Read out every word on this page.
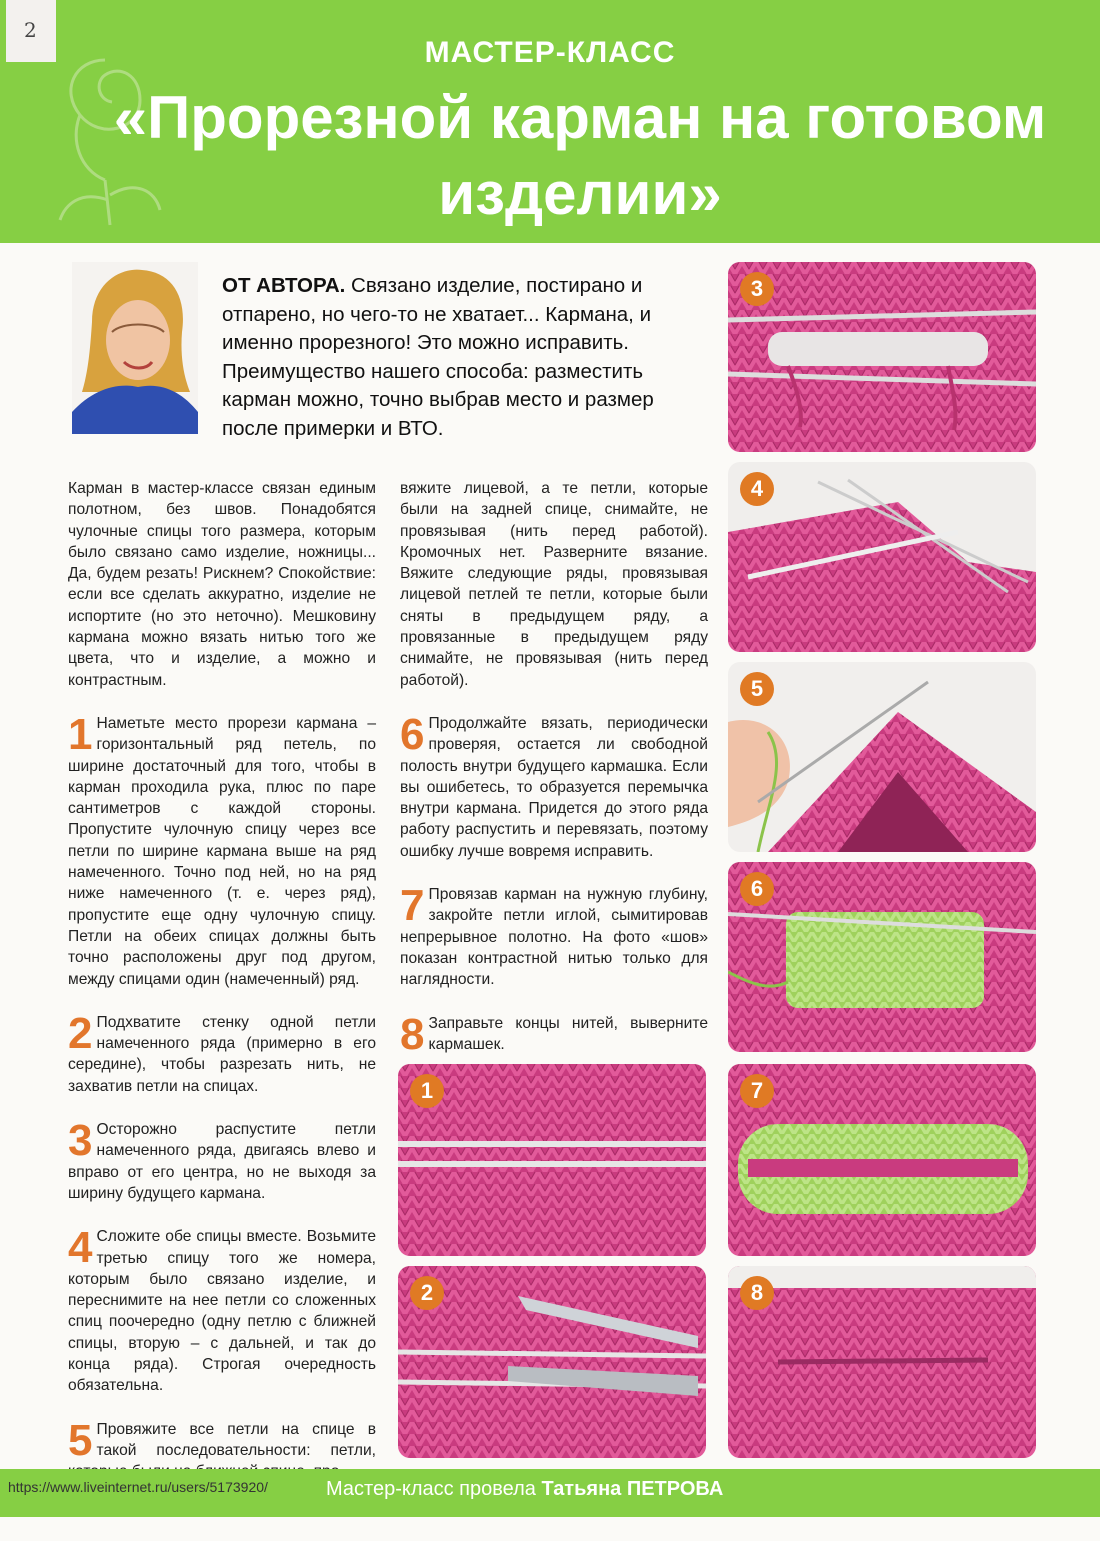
2
МАСТЕР-КЛАСС
«Прорезной карман на готовом изделии»
ОТ АВТОРА. Связано изделие, постирано и отпарено, но чего-то не хватает... Кармана, и именно прорезного! Это можно исправить. Преимущество нашего способа: разместить карман можно, точно выбрав место и размер после примерки и ВТО.

Карман в мастер-классе связан единым полотном, без швов. Понадобятся чулочные спицы того размера, которым было связано само изделие, ножницы... Да, будем резать! Рискнем? Спокойствие: если все сделать аккуратно, изделие не испортите (но это неточно). Мешковину кармана можно вязать нитью того же цвета, что и изделие, а можно и контрастным.

1 Наметьте место прорези кармана – горизонтальный ряд петель, по ширине достаточный для того, чтобы в карман проходила рука, плюс по паре сантиметров с каждой стороны. Пропустите чулочную спицу через все петли по ширине кармана выше на ряд намеченного. Точно под ней, но на ряд ниже намеченного (т. е. через ряд), пропустите еще одну чулочную спицу. Петли на обеих спицах должны быть точно расположены друг под другом, между спицами один (намеченный) ряд.
2 Подхватите стенку одной петли намеченного ряда (примерно в его середине), чтобы разрезать нить, не захватив петли на спицах.
3 Осторожно распустите петли намеченного ряда, двигаясь влево и вправо от его центра, но не выходя за ширину будущего кармана.
4 Сложите обе спицы вместе. Возьмите третью спицу того же номера, которым было связано изделие, и переснимите на нее петли со сложенных спиц поочередно (одну петлю с ближней спицы, вторую – с дальней, и так до конца ряда). Строгая очередность обязательна.
5 Провяжите все петли на спице в такой последовательности: петли,

вяжите лицевой, а те петли, которые были на задней спице, снимайте, не провязывая (нить перед работой). Кромочных нет. Разверните вязание. Вяжите следующие ряды, провязывая лицевой петлей те петли, которые были сняты в предыдущем ряду, а провязанные в предыдущем ряду снимайте, не провязывая (нить перед работой).

6 Продолжайте вязать, периодически проверяя, остается ли свободной полость внутри будущего кармашка. Если вы ошибетесь, то образуется перемычка внутри кармана. Придется до этого ряда работу распустить и перевязать, поэтому ошибку лучше вовремя исправить.
7 Провязав карман на нужную глубину, закройте петли иглой, сымитировав непрерывное полотно. На фото «шов» показан контрастной нитью только для наглядности.
8 Заправьте концы нитей, выверните кармашек.
3
4
5
6
1	7
2	8
https://www.liveinternet.ru/users/5173920/	Мастер-класс провела Татьяна ПЕТРОВА
